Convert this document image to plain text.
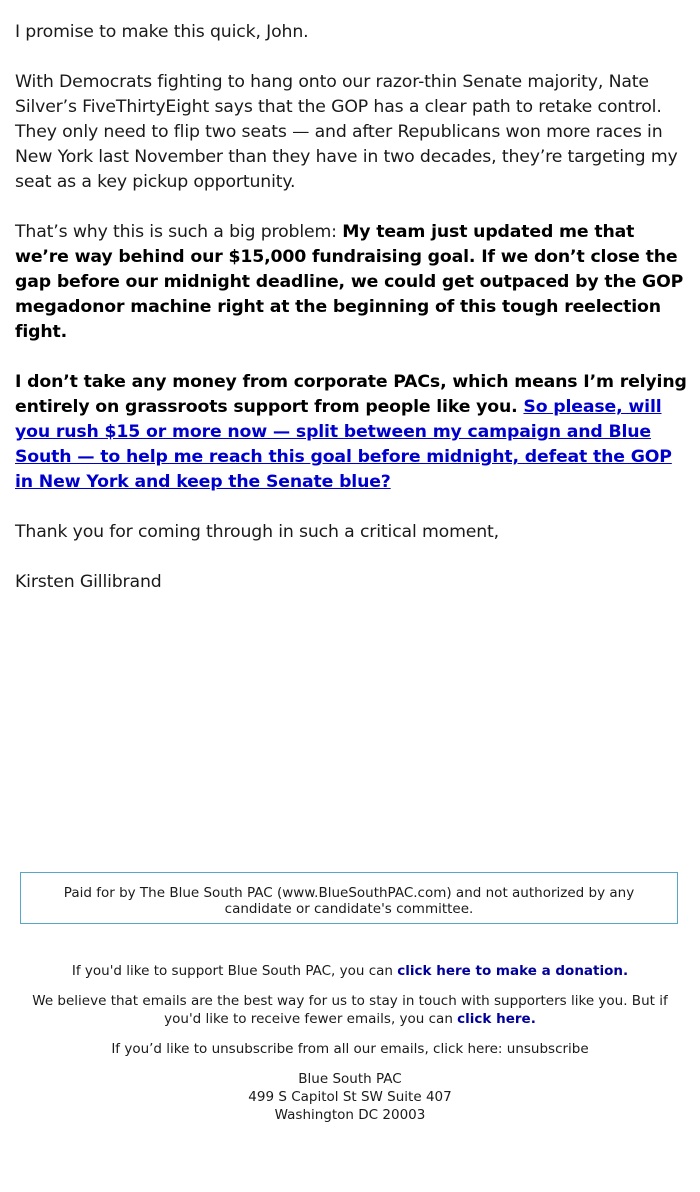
I promise to make this quick, John.

With Democrats fighting to hang onto our razor-thin Senate majority, Nate Silver’s FiveThirtyEight says that the GOP has a clear path to retake control. They only need to flip two seats — and after Republicans won more races in New York last November than they have in two decades, they’re targeting my seat as a key pickup opportunity.

That’s why this is such a big problem: My team just updated me that we’re way behind our $15,000 fundraising goal. If we don’t close the gap before our midnight deadline, we could get outpaced by the GOP megadonor machine right at the beginning of this tough reelection fight.

I don’t take any money from corporate PACs, which means I’m relying entirely on grassroots support from people like you. So please, will you rush $15 or more now — split between my campaign and Blue South — to help me reach this goal before midnight, defeat the GOP in New York and keep the Senate blue?

Thank you for coming through in such a critical moment,

Kirsten Gillibrand

Paid for by The Blue South PAC (www.BlueSouthPAC.com) and not authorized by any candidate or candidate's committee.

If you'd like to support Blue South PAC, you can click here to make a donation.

We believe that emails are the best way for us to stay in touch with supporters like you. But if you'd like to receive fewer emails, you can click here.

If you’d like to unsubscribe from all our emails, click here: unsubscribe

Blue South PAC
499 S Capitol St SW Suite 407
Washington DC 20003
